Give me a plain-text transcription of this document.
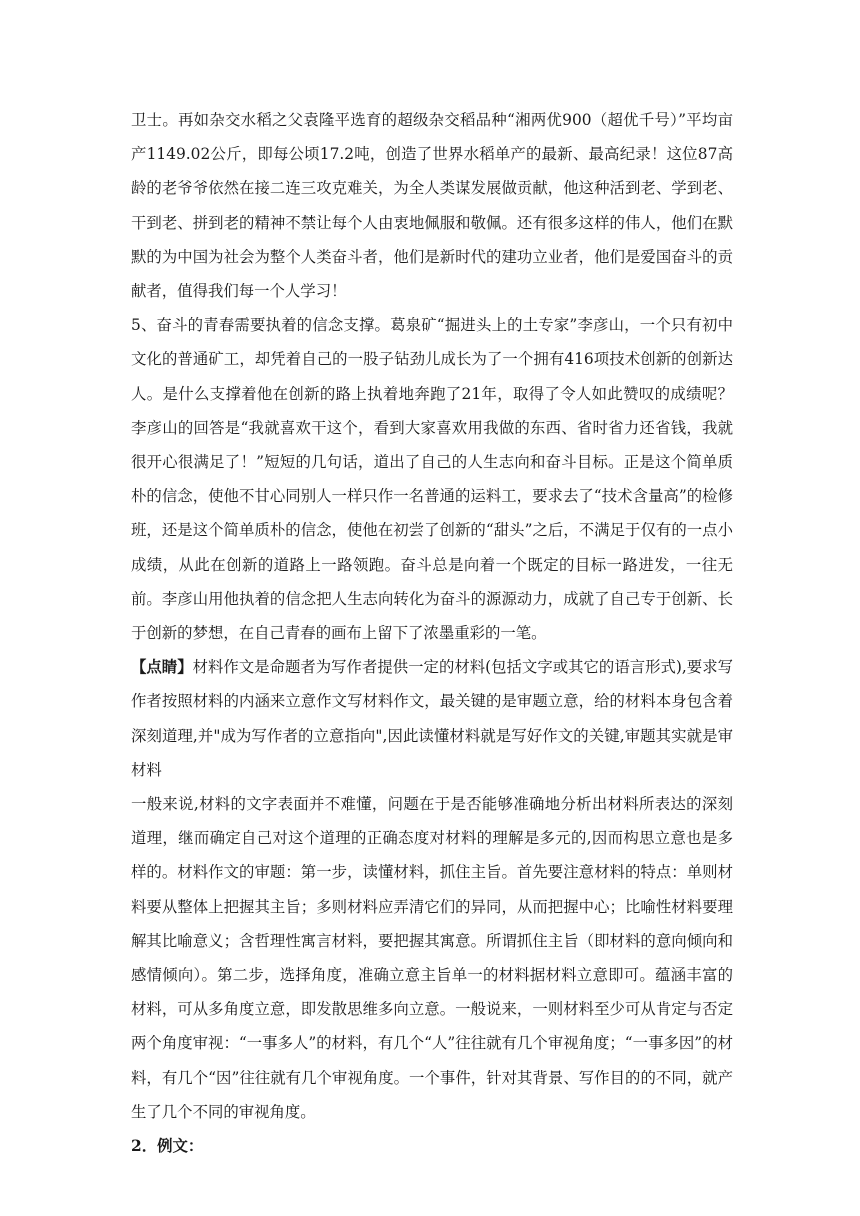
卫士。再如杂交水稻之父袁隆平选育的超级杂交稻品种“湘两优900（超优千号）”平均亩产1149.02公斤，即每公顷17.2吨，创造了世界水稻单产的最新、最高纪录！这位87高龄的老爷爷依然在接二连三攻克难关，为全人类谋发展做贡献，他这种活到老、学到老、干到老、拼到老的精神不禁让每个人由衷地佩服和敬佩。还有很多这样的伟人，他们在默默的为中国为社会为整个人类奋斗者，他们是新时代的建功立业者，他们是爱国奋斗的贡献者，值得我们每一个人学习！

5、奋斗的青春需要执着的信念支撑。葛泉矿“掘进头上的土专家”李彦山，一个只有初中文化的普通矿工，却凭着自己的一股子钻劲儿成长为了一个拥有416项技术创新的创新达人。是什么支撑着他在创新的路上执着地奔跑了21年，取得了令人如此赞叹的成绩呢？李彦山的回答是“我就喜欢干这个，看到大家喜欢用我做的东西、省时省力还省钱，我就很开心很满足了！”短短的几句话，道出了自己的人生志向和奋斗目标。正是这个简单质朴的信念，使他不甘心同别人一样只作一名普通的运料工，要求去了“技术含量高”的检修班，还是这个简单质朴的信念，使他在初尝了创新的“甜头”之后，不满足于仅有的一点小成绩，从此在创新的道路上一路领跑。奋斗总是向着一个既定的目标一路进发，一往无前。李彦山用他执着的信念把人生志向转化为奋斗的源源动力，成就了自己专于创新、长于创新的梦想，在自己青春的画布上留下了浓墨重彩的一笔。

【点睛】材料作文是命题者为写作者提供一定的材料(包括文字或其它的语言形式),要求写作者按照材料的内涵来立意作文写材料作文，最关键的是审题立意，给的材料本身包含着深刻道理,并"成为写作者的立意指向",因此读懂材料就是写好作文的关键,审题其实就是审材料

一般来说,材料的文字表面并不难懂，问题在于是否能够准确地分析出材料所表达的深刻道理，继而确定自己对这个道理的正确态度对材料的理解是多元的,因而构思立意也是多样的。材料作文的审题：第一步，读懂材料，抓住主旨。首先要注意材料的特点：单则材料要从整体上把握其主旨；多则材料应弄清它们的异同，从而把握中心；比喻性材料要理解其比喻意义；含哲理性寓言材料，要把握其寓意。所谓抓住主旨（即材料的意向倾向和感情倾向）。第二步，选择角度，准确立意主旨单一的材料据材料立意即可。蕴涵丰富的材料，可从多角度立意，即发散思维多向立意。一般说来，一则材料至少可从肯定与否定两个角度审视：“一事多人”的材料，有几个“人”往往就有几个审视角度；“一事多因”的材料，有几个“因”往往就有几个审视角度。一个事件，针对其背景、写作目的的不同，就产生了几个不同的审视角度。

2．例文：
